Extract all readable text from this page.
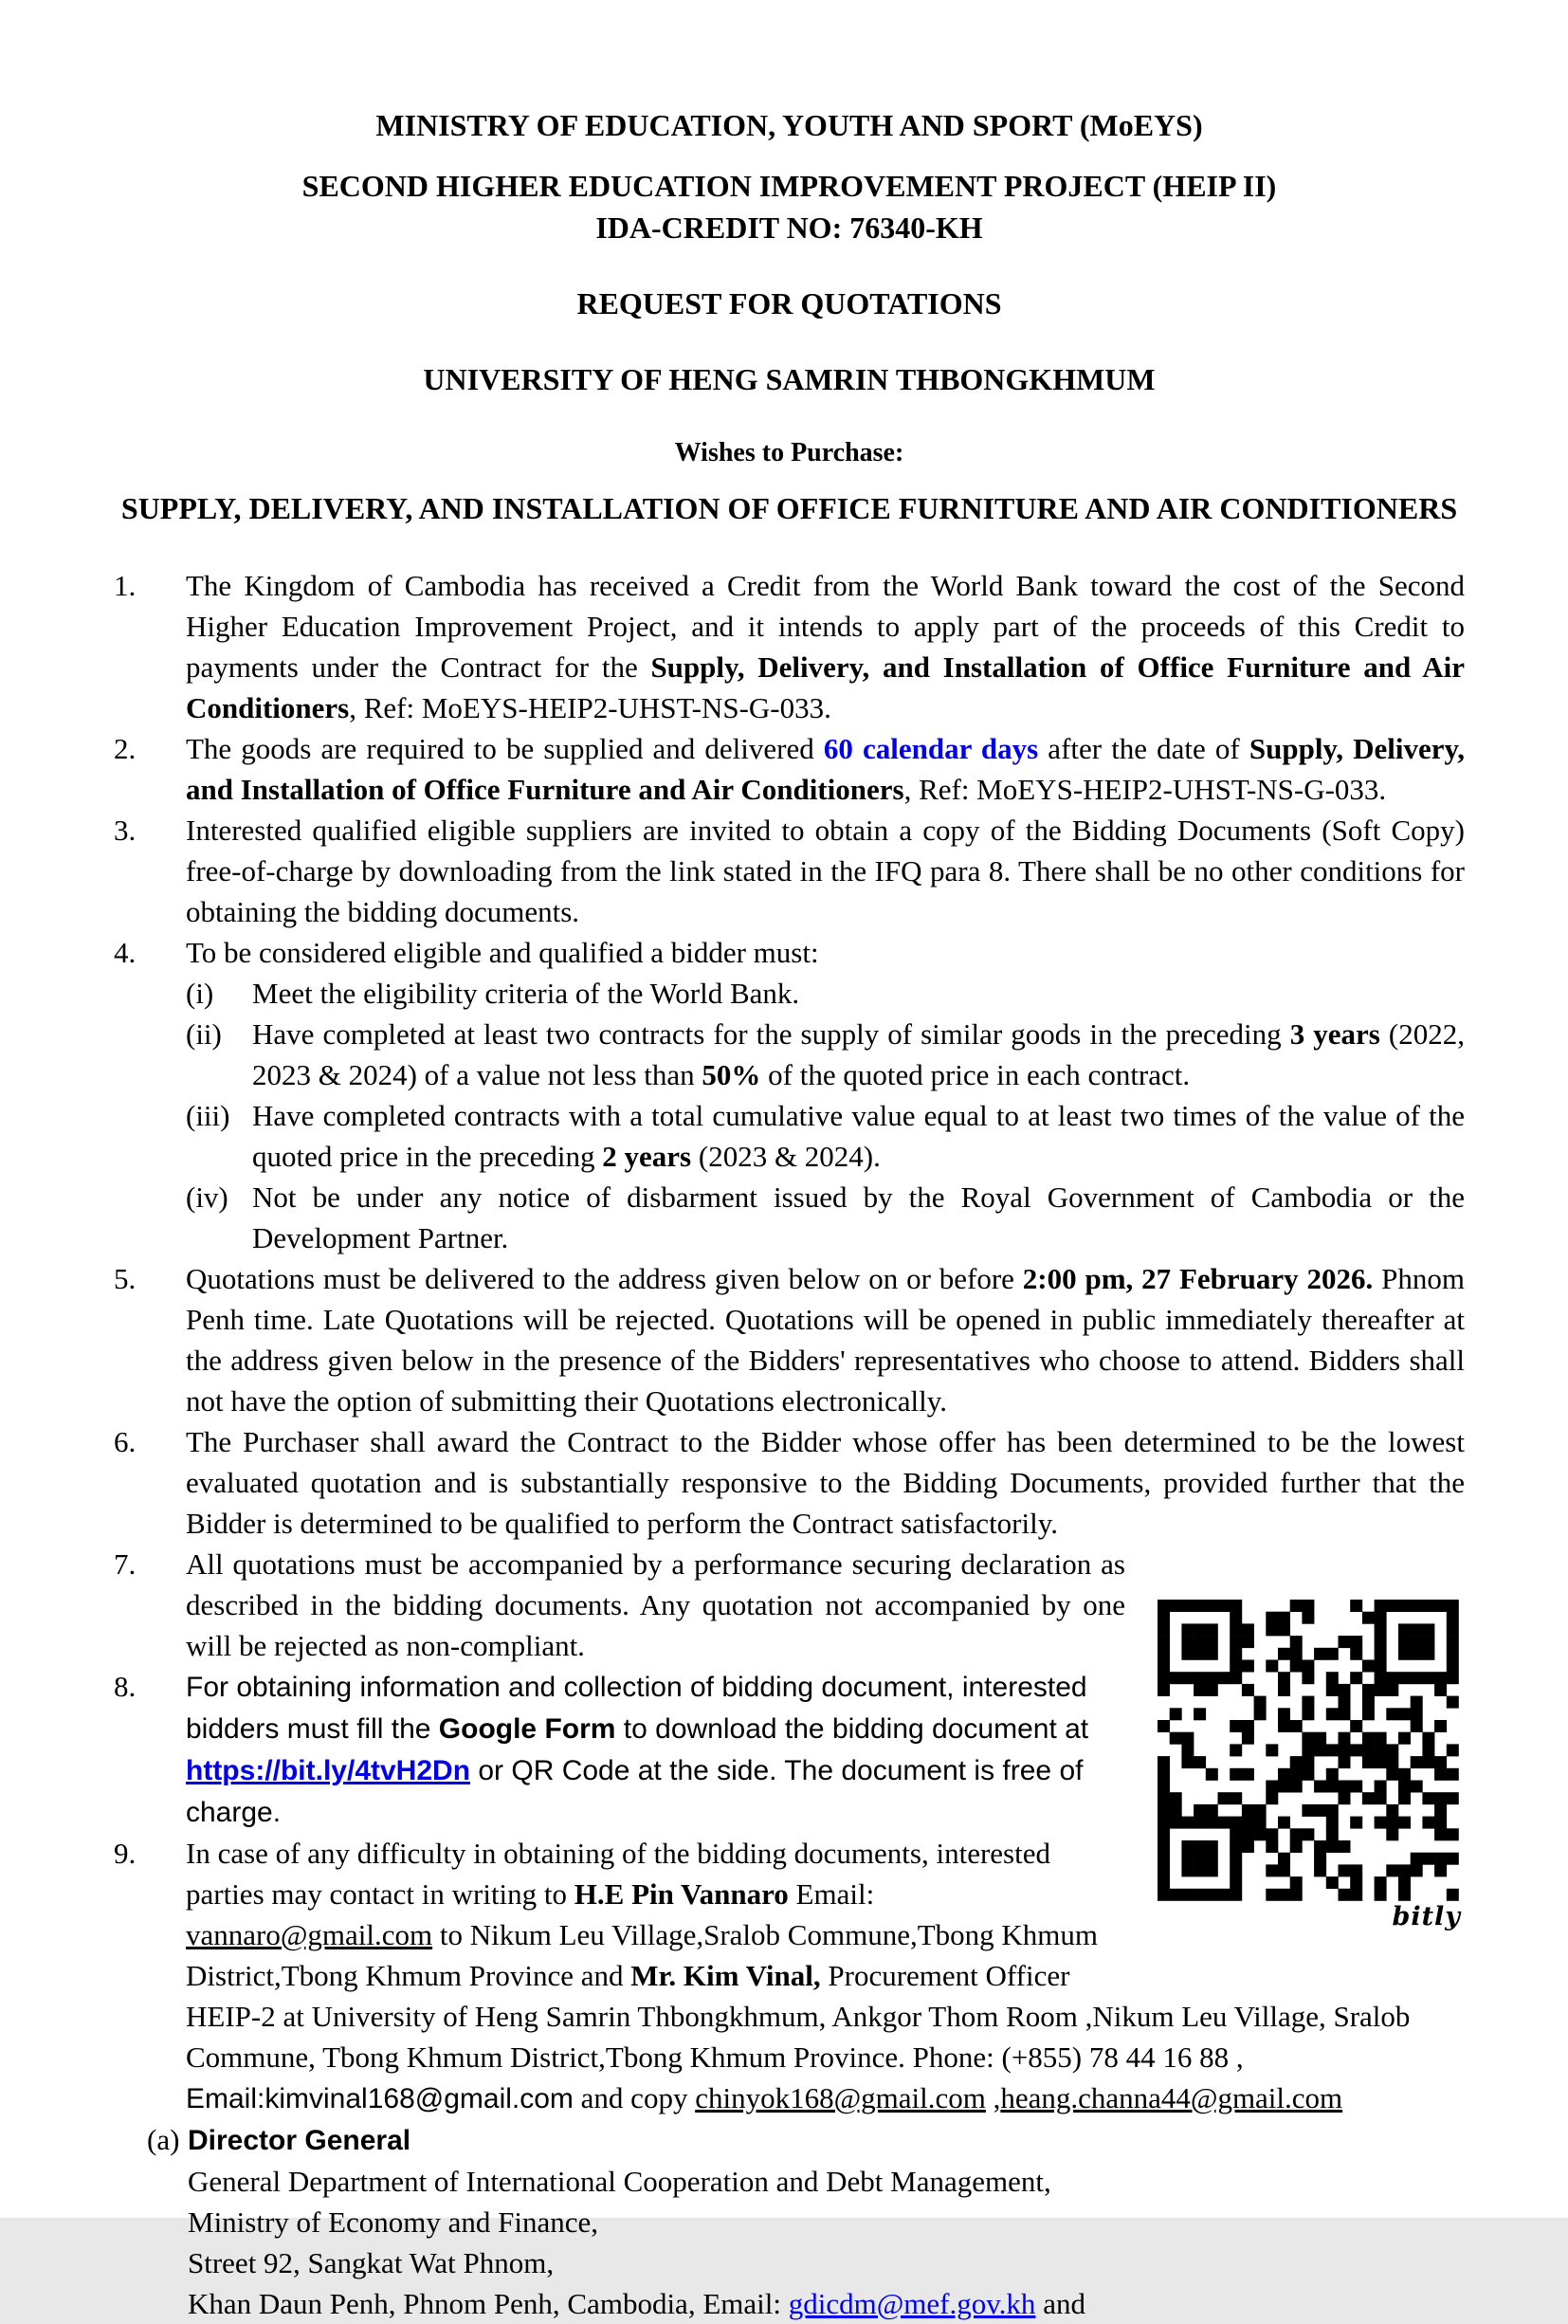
MINISTRY OF EDUCATION, YOUTH AND SPORT (MoEYS)
SECOND HIGHER EDUCATION IMPROVEMENT PROJECT (HEIP II)
IDA-CREDIT NO: 76340-KH
REQUEST FOR QUOTATIONS
UNIVERSITY OF HENG SAMRIN THBONGKHMUM
Wishes to Purchase:
SUPPLY, DELIVERY, AND INSTALLATION OF OFFICE FURNITURE AND AIR CONDITIONERS
1. The Kingdom of Cambodia has received a Credit from the World Bank toward the cost of the Second Higher Education Improvement Project, and it intends to apply part of the proceeds of this Credit to payments under the Contract for the Supply, Delivery, and Installation of Office Furniture and Air Conditioners, Ref: MoEYS-HEIP2-UHST-NS-G-033.
2. The goods are required to be supplied and delivered 60 calendar days after the date of Supply, Delivery, and Installation of Office Furniture and Air Conditioners, Ref: MoEYS-HEIP2-UHST-NS-G-033.
3. Interested qualified eligible suppliers are invited to obtain a copy of the Bidding Documents (Soft Copy) free-of-charge by downloading from the link stated in the IFQ para 8. There shall be no other conditions for obtaining the bidding documents.
4. To be considered eligible and qualified a bidder must:
(i) Meet the eligibility criteria of the World Bank.
(ii) Have completed at least two contracts for the supply of similar goods in the preceding 3 years (2022, 2023 & 2024) of a value not less than 50% of the quoted price in each contract.
(iii) Have completed contracts with a total cumulative value equal to at least two times of the value of the quoted price in the preceding 2 years (2023 & 2024).
(iv) Not be under any notice of disbarment issued by the Royal Government of Cambodia or the Development Partner.
5. Quotations must be delivered to the address given below on or before 2:00 pm, 27 February 2026. Phnom Penh time. Late Quotations will be rejected. Quotations will be opened in public immediately thereafter at the address given below in the presence of the Bidders' representatives who choose to attend. Bidders shall not have the option of submitting their Quotations electronically.
6. The Purchaser shall award the Contract to the Bidder whose offer has been determined to be the lowest evaluated quotation and is substantially responsive to the Bidding Documents, provided further that the Bidder is determined to be qualified to perform the Contract satisfactorily.
bitly
7. All quotations must be accompanied by a performance securing declaration as described in the bidding documents. Any quotation not accompanied by one will be rejected as non-compliant.
8. For obtaining information and collection of bidding document, interested bidders must fill the Google Form to download the bidding document at https://bit.ly/4tvH2Dn or QR Code at the side. The document is free of charge.
9. In case of any difficulty in obtaining of the bidding documents, interested parties may contact in writing to H.E Pin Vannaro Email: vannaro@gmail.com to Nikum Leu Village,Sralob Commune,Tbong Khmum District,Tbong Khmum Province and Mr. Kim Vinal, Procurement Officer HEIP-2 at University of Heng Samrin Thbongkhmum, Ankgor Thom Room ,Nikum Leu Village, Sralob Commune, Tbong Khmum District,Tbong Khmum Province. Phone: (+855) 78 44 16 88 , Email:kimvinal168@gmail.com and copy chinyok168@gmail.com ,heang.channa44@gmail.com
(a) Director General
General Department of International Cooperation and Debt Management,
Ministry of Economy and Finance,
Street 92, Sangkat Wat Phnom,
Khan Daun Penh, Phnom Penh, Cambodia, Email: gdicdm@mef.gov.kh and
